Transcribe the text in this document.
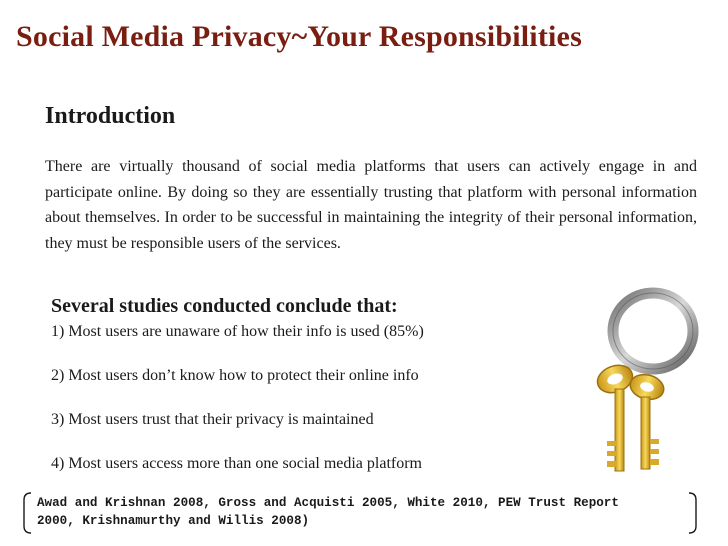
Social Media Privacy~Your Responsibilities
Introduction
There are virtually thousand of social media platforms that users can actively engage in and participate online. By doing so they are essentially trusting that platform with personal information about themselves. In order to be successful in maintaining the integrity of their personal information, they must be responsible users of the services.
Several studies conducted conclude that:
1) Most users are unaware of how their info is used (85%)
2) Most users don’t know how to protect their online info
3) Most users trust that their privacy is maintained
4) Most users access more than one social media platform
Awad and Krishnan 2008, Gross and Acquisti 2005, White 2010, PEW Trust Report
2000, Krishnamurthy and Willis 2008)
